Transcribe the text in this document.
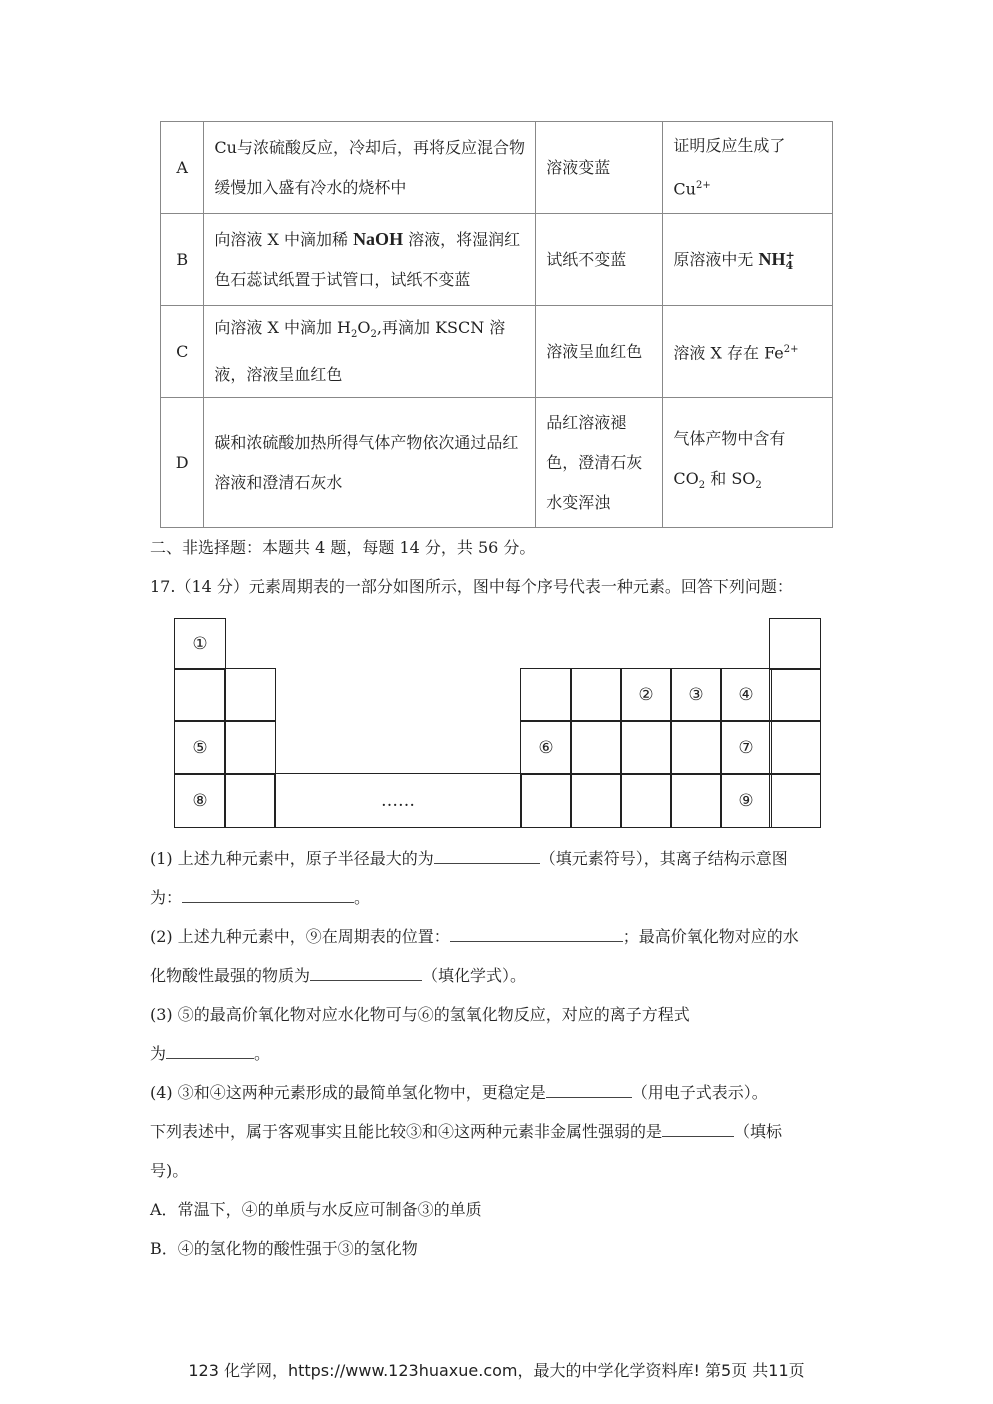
A	Cu与浓硫酸反应，冷却后，再将反应混合物缓慢加入盛有冷水的烧杯中	溶液变蓝	证明反应生成了
$Cu^{2+}$
B	向溶液 X 中滴加稀 NaOH 溶液，将湿润红色石蕊试纸置于试管口，试纸不变蓝	试纸不变蓝	原溶液中无 NH+
4
C	向溶液 X 中滴加 $H_2O_2$,再滴加 KSCN 溶液，溶液呈血红色	溶液呈血红色	溶液 X 存在 $Fe^{2+}$
D	碳和浓硫酸加热所得气体产物依次通过品红溶液和澄清石灰水	品红溶液褪色，澄清石灰水变浑浊	气体产物中含有
$CO_2$ 和 $SO_2$
二、非选择题：本题共 4 题，每题 14 分，共 56 分。
17.（14 分）元素周期表的一部分如图所示，图中每个序号代表一种元素。回答下列问题：
①
②	③	④
⑤	⑥	⑦
⑧	……	⑨
(1) 上述九种元素中，原子半径最大的为	（填元素符号），其离子结构示意图
为：	。
(2) 上述九种元素中，⑨在周期表的位置：	；最高价氧化物对应的水
化物酸性最强的物质为	（填化学式）。
(3) ⑤的最高价氧化物对应水化物可与⑥的氢氧化物反应，对应的离子方程式
为	。
(4) ③和④这两种元素形成的最简单氢化物中，更稳定是	（用电子式表示）。
下列表述中，属于客观事实且能比较③和④这两种元素非金属性强弱的是	（填标
号)。
A．常温下，④的单质与水反应可制备③的单质
B．④的氢化物的酸性强于③的氢化物
123 化学网，https://www.123huaxue.com，最大的中学化学资料库! 第5页 共11页
